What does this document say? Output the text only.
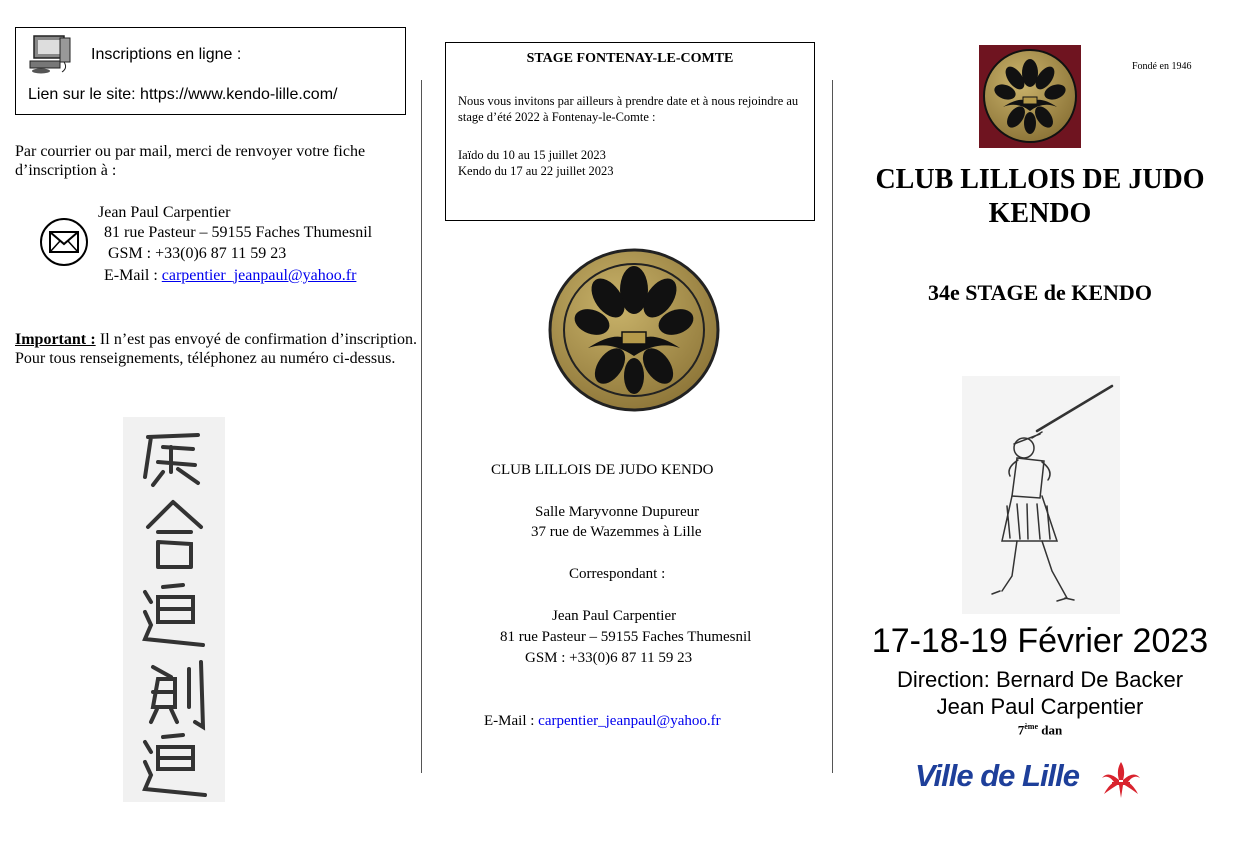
Inscriptions en ligne :
Lien sur le site: https://www.kendo-lille.com/
Par courrier ou par mail, merci de renvoyer votre fiche d’inscription à :
Jean Paul Carpentier
81 rue Pasteur – 59155 Faches Thumesnil
GSM : +33(0)6 87 11 59 23
E-Mail : carpentier_jeanpaul@yahoo.fr
Important : Il n’est pas envoyé de confirmation d’inscription. Pour tous renseignements, téléphonez au numéro ci-dessus.
STAGE FONTENAY-LE-COMTE
Nous vous invitons par ailleurs à prendre date et à nous rejoindre au stage d’été 2022 à Fontenay-le-Comte :
Iaïdo du 10 au 15 juillet 2023
Kendo du 17 au 22 juillet 2023
CLUB LILLOIS DE JUDO KENDO
Salle Maryvonne Dupureur
37 rue de Wazemmes à Lille
Correspondant :
Jean Paul Carpentier
81 rue Pasteur – 59155 Faches Thumesnil
GSM : +33(0)6 87 11 59 23
E-Mail : carpentier_jeanpaul@yahoo.fr
Fondé en 1946
CLUB LILLOIS DE JUDO
KENDO
34e STAGE de KENDO
17-18-19 Février 2023
Direction: Bernard De Backer
Jean Paul Carpentier
7ème dan
Ville de Lille
